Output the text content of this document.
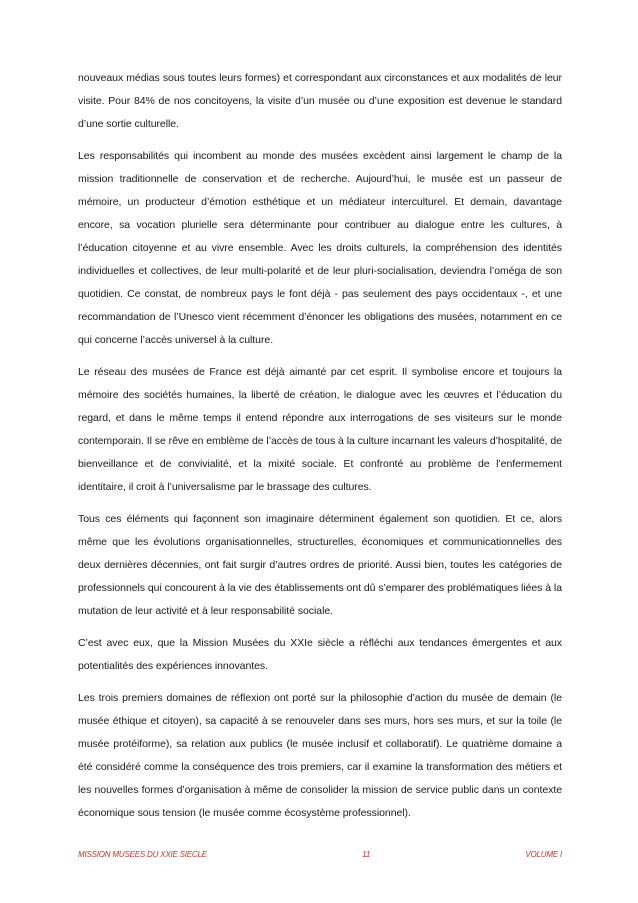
nouveaux médias sous toutes leurs formes) et correspondant aux circonstances et aux modalités de leur visite. Pour 84% de nos concitoyens, la visite d’un musée ou d’une exposition est devenue le standard d’une sortie culturelle.

Les responsabilités qui incombent au monde des musées excèdent ainsi largement le champ de la mission traditionnelle de conservation et de recherche. Aujourd’hui, le musée est un passeur de mémoire, un producteur d’émotion esthétique et un médiateur interculturel. Et demain, davantage encore, sa vocation plurielle sera déterminante pour contribuer au dialogue entre les cultures, à l’éducation citoyenne et au vivre ensemble. Avec les droits culturels, la compréhension des identités individuelles et collectives, de leur multi-polarité et de leur pluri-socialisation, deviendra l’oméga de son quotidien. Ce constat, de nombreux pays le font déjà - pas seulement des pays occidentaux -, et une recommandation de l’Unesco vient récemment d’énoncer les obligations des musées, notamment en ce qui concerne l’accès universel à la culture.

Le réseau des musées de France est déjà aimanté par cet esprit. Il symbolise encore et toujours la mémoire des sociétés humaines, la liberté de création, le dialogue avec les œuvres et l’éducation du regard, et dans le même temps il entend répondre aux interrogations de ses visiteurs sur le monde contemporain. Il se rêve en emblème de l’accès de tous à la culture incarnant les valeurs d’hospitalité, de bienveillance et de convivialité, et la mixité sociale. Et confronté au problème de l’enfermement identitaire, il croit à l’universalisme par le brassage des cultures.

Tous ces éléments qui façonnent son imaginaire déterminent également son quotidien. Et ce, alors même que les évolutions organisationnelles, structurelles, économiques et communicationnelles des deux dernières décennies, ont fait surgir d’autres ordres de priorité. Aussi bien, toutes les catégories de professionnels qui concourent à la vie des établissements ont dû s’emparer des problématiques liées à la mutation de leur activité et à leur responsabilité sociale.

C’est avec eux, que la Mission Musées du XXIe siècle a réfléchi aux tendances émergentes et aux potentialités des expériences innovantes.

Les trois premiers domaines de réflexion ont porté sur la philosophie d’action du musée de demain (le musée éthique et citoyen), sa capacité à se renouveler dans ses murs, hors ses murs, et sur la toile (le musée protéiforme), sa relation aux publics (le musée inclusif et collaboratif). Le quatrième domaine a été considéré comme la conséquence des trois premiers, car il examine la transformation des métiers et les nouvelles formes d’organisation à même de consolider la mission de service public dans un contexte économique sous tension (le musée comme écosystème professionnel).

MISSION MUSEES DU XXIE SIECLE	11	VOLUME I
